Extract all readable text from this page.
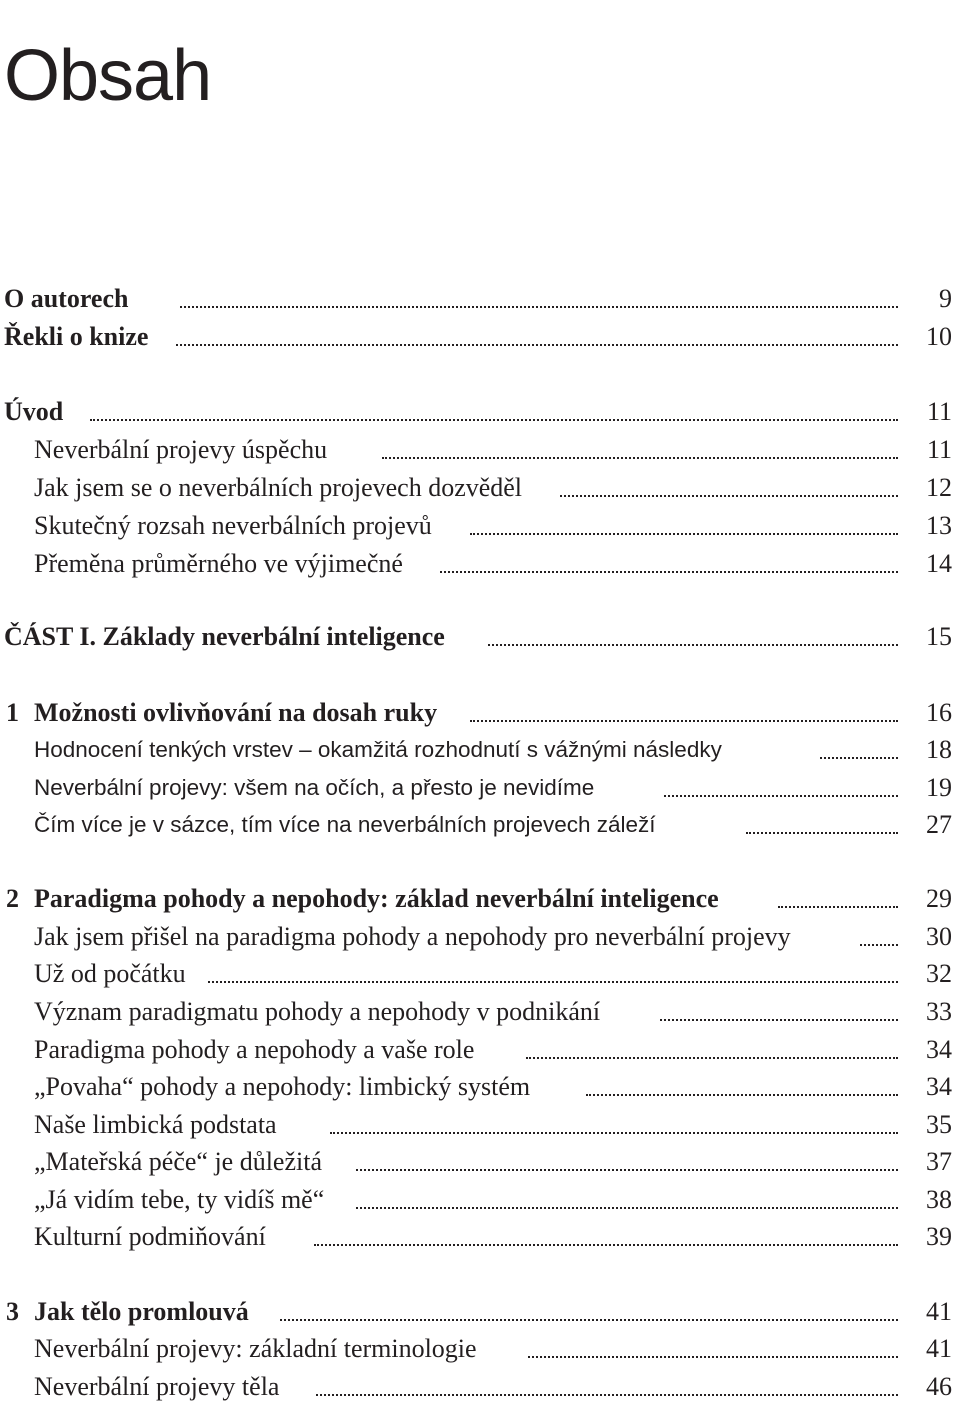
Obsah
O autorech	9
Řekli o knize	10
Úvod	11
Neverbální projevy úspěchu	11
Jak jsem se o neverbálních projevech dozvěděl	12
Skutečný rozsah neverbálních projevů	13
Přeměna průměrného ve výjimečné	14
ČÁST I. Základy neverbální inteligence	15
1 Možnosti ovlivňování na dosah ruky	16
Hodnocení tenkých vrstev – okamžitá rozhodnutí s vážnými následky	18
Neverbální projevy: všem na očích, a přesto je nevidíme	19
Čím více je v sázce, tím více na neverbálních projevech záleží	27
2 Paradigma pohody a nepohody: základ neverbální inteligence	29
Jak jsem přišel na paradigma pohody a nepohody pro neverbální projevy	30
Už od počátku	32
Význam paradigmatu pohody a nepohody v podnikání	33
Paradigma pohody a nepohody a vaše role	34
„Povaha“ pohody a nepohody: limbický systém	34
Naše limbická podstata	35
„Mateřská péče“ je důležitá	37
„Já vidím tebe, ty vidíš mě“	38
Kulturní podmiňování	39
3 Jak tělo promlouvá	41
Neverbální projevy: základní terminologie	41
Neverbální projevy těla	46
